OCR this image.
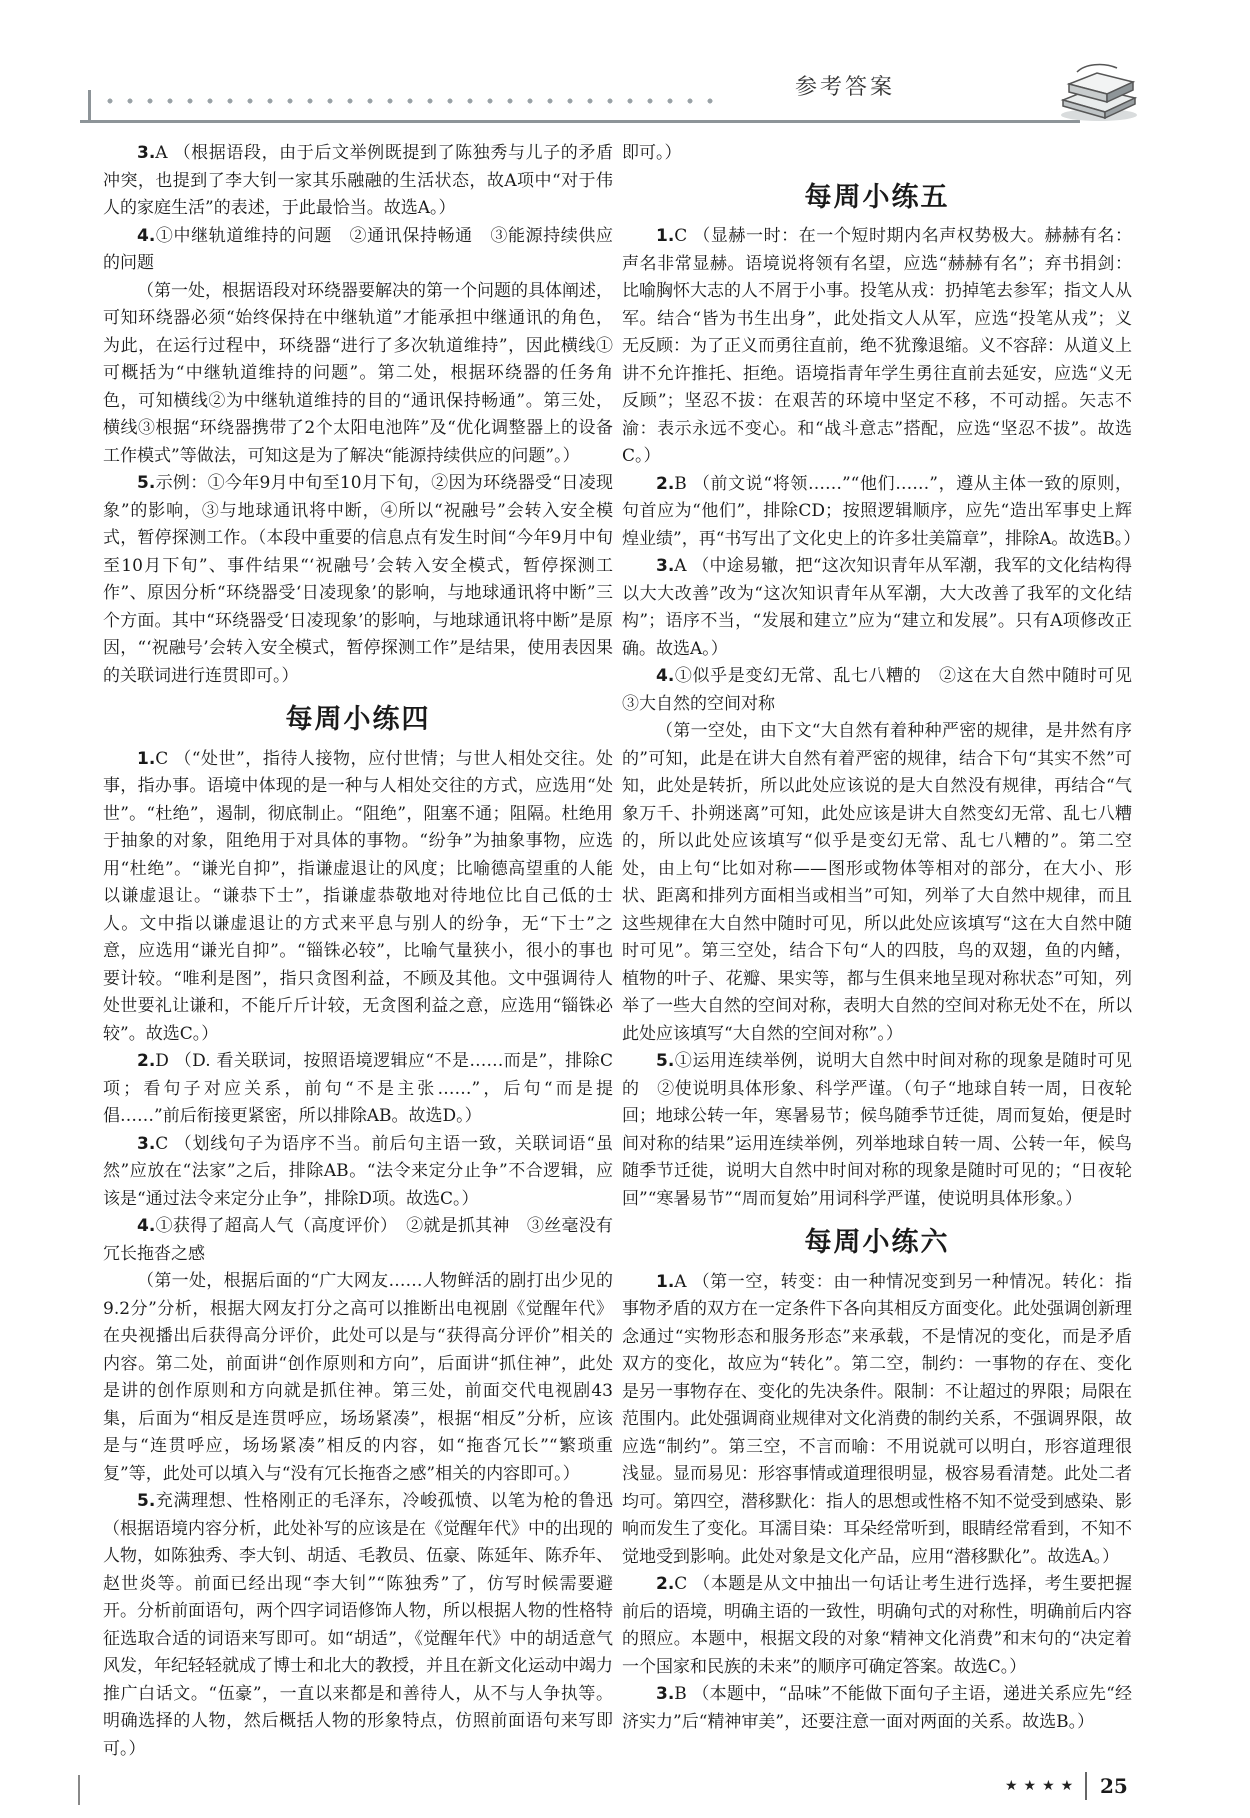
参考答案

3.A （根据语段，由于后文举例既提到了陈独秀与儿子的矛盾冲突，也提到了李大钊一家其乐融融的生活状态，故A项中“对于伟人的家庭生活”的表述，于此最恰当。故选A。）

4.①中继轨道维持的问题　②通讯保持畅通　③能源持续供应的问题

（第一处，根据语段对环绕器要解决的第一个问题的具体阐述，可知环绕器必须“始终保持在中继轨道”才能承担中继通讯的角色，为此，在运行过程中，环绕器“进行了多次轨道维持”，因此横线①可概括为“中继轨道维持的问题”。第二处，根据环绕器的任务角色，可知横线②为中继轨道维持的目的“通讯保持畅通”。第三处，横线③根据“环绕器携带了2个太阳电池阵”及“优化调整器上的设备工作模式”等做法，可知这是为了解决“能源持续供应的问题”。）

5.示例：①今年9月中旬至10月下旬，②因为环绕器受“日凌现象”的影响，③与地球通讯将中断，④所以“祝融号”会转入安全模式，暂停探测工作。（本段中重要的信息点有发生时间“今年9月中旬至10月下旬”、事件结果“‘祝融号’会转入安全模式，暂停探测工作”、原因分析“环绕器受‘日凌现象’的影响，与地球通讯将中断”三个方面。其中“环绕器受‘日凌现象’的影响，与地球通讯将中断”是原因，“‘祝融号’会转入安全模式，暂停探测工作”是结果，使用表因果的关联词进行连贯即可。）

每周小练四

1.C （“处世”，指待人接物，应付世情；与世人相处交往。处事，指办事。语境中体现的是一种与人相处交往的方式，应选用“处世”。“杜绝”，遏制，彻底制止。“阻绝”，阻塞不通；阻隔。杜绝用于抽象的对象，阻绝用于对具体的事物。“纷争”为抽象事物，应选用“杜绝”。“谦光自抑”，指谦虚退让的风度；比喻德高望重的人能以谦虚退让。“谦恭下士”，指谦虚恭敬地对待地位比自己低的士人。文中指以谦虚退让的方式来平息与别人的纷争，无“下士”之意，应选用“谦光自抑”。“锱铢必较”，比喻气量狭小，很小的事也要计较。“唯利是图”，指只贪图利益，不顾及其他。文中强调待人处世要礼让谦和，不能斤斤计较，无贪图利益之意，应选用“锱铢必较”。故选C。）

2.D （D. 看关联词，按照语境逻辑应“不是……而是”，排除C项；看句子对应关系，前句“不是主张……”，后句“而是提倡……”前后衔接更紧密，所以排除AB。故选D。）

3.C （划线句子为语序不当。前后句主语一致，关联词语“虽然”应放在“法家”之后，排除AB。“法令来定分止争”不合逻辑，应该是“通过法令来定分止争”，排除D项。故选C。）

4.①获得了超高人气（高度评价）　②就是抓其神　③丝毫没有冗长拖沓之感

（第一处，根据后面的“广大网友……人物鲜活的剧打出少见的9.2分”分析，根据大网友打分之高可以推断出电视剧《觉醒年代》在央视播出后获得高分评价，此处可以是与“获得高分评价”相关的内容。第二处，前面讲“创作原则和方向”，后面讲“抓住神”，此处是讲的创作原则和方向就是抓住神。第三处，前面交代电视剧43集，后面为“相反是连贯呼应，场场紧凑”，根据“相反”分析，应该是与“连贯呼应，场场紧凑”相反的内容，如“拖沓冗长”“繁琐重复”等，此处可以填入与“没有冗长拖沓之感”相关的内容即可。）

5.充满理想、性格刚正的毛泽东，冷峻孤愤、以笔为枪的鲁迅（根据语境内容分析，此处补写的应该是在《觉醒年代》中的出现的人物，如陈独秀、李大钊、胡适、毛教员、伍豪、陈延年、陈乔年、赵世炎等。前面已经出现“李大钊”“陈独秀”了，仿写时候需要避开。分析前面语句，两个四字词语修饰人物，所以根据人物的性格特征选取合适的词语来写即可。如“胡适”，《觉醒年代》中的胡适意气风发，年纪轻轻就成了博士和北大的教授，并且在新文化运动中竭力推广白话文。“伍豪”，一直以来都是和善待人，从不与人争执等。明确选择的人物，然后概括人物的形象特点，仿照前面语句来写即可。）

即可。）

每周小练五

1.C （显赫一时：在一个短时期内名声权势极大。赫赫有名：声名非常显赫。语境说将领有名望，应选“赫赫有名”；弃书捐剑：比喻胸怀大志的人不屑于小事。投笔从戎：扔掉笔去参军；指文人从军。结合“皆为书生出身”，此处指文人从军，应选“投笔从戎”；义无反顾：为了正义而勇往直前，绝不犹豫退缩。义不容辞：从道义上讲不允许推托、拒绝。语境指青年学生勇往直前去延安，应选“义无反顾”；坚忍不拔：在艰苦的环境中坚定不移，不可动摇。矢志不渝：表示永远不变心。和“战斗意志”搭配，应选“坚忍不拔”。故选C。）

2.B （前文说“将领……”“他们……”，遵从主体一致的原则，句首应为“他们”，排除CD；按照逻辑顺序，应先“造出军事史上辉煌业绩”，再“书写出了文化史上的许多壮美篇章”，排除A。故选B。）

3.A （中途易辙，把“这次知识青年从军潮，我军的文化结构得以大大改善”改为“这次知识青年从军潮，大大改善了我军的文化结构”；语序不当，“发展和建立”应为“建立和发展”。只有A项修改正确。故选A。）

4.①似乎是变幻无常、乱七八糟的　②这在大自然中随时可见　③大自然的空间对称

（第一空处，由下文“大自然有着种种严密的规律，是井然有序的”可知，此是在讲大自然有着严密的规律，结合下句“其实不然”可知，此处是转折，所以此处应该说的是大自然没有规律，再结合“气象万千、扑朔迷离”可知，此处应该是讲大自然变幻无常、乱七八糟的，所以此处应该填写“似乎是变幻无常、乱七八糟的”。第二空处，由上句“比如对称——图形或物体等相对的部分，在大小、形状、距离和排列方面相当或相当”可知，列举了大自然中规律，而且这些规律在大自然中随时可见，所以此处应该填写“这在大自然中随时可见”。第三空处，结合下句“人的四肢，鸟的双翅，鱼的内鳍，植物的叶子、花瓣、果实等，都与生俱来地呈现对称状态”可知，列举了一些大自然的空间对称，表明大自然的空间对称无处不在，所以此处应该填写“大自然的空间对称”。）

5.①运用连续举例，说明大自然中时间对称的现象是随时可见的　②使说明具体形象、科学严谨。（句子“地球自转一周，日夜轮回；地球公转一年，寒暑易节；候鸟随季节迁徙，周而复始，便是时间对称的结果”运用连续举例，列举地球自转一周、公转一年，候鸟随季节迁徙，说明大自然中时间对称的现象是随时可见的；“日夜轮回”“寒暑易节”“周而复始”用词科学严谨，使说明具体形象。）

每周小练六

1.A （第一空，转变：由一种情况变到另一种情况。转化：指事物矛盾的双方在一定条件下各向其相反方面变化。此处强调创新理念通过“实物形态和服务形态”来承载，不是情况的变化，而是矛盾双方的变化，故应为“转化”。第二空，制约：一事物的存在、变化是另一事物存在、变化的先决条件。限制：不让超过的界限；局限在范围内。此处强调商业规律对文化消费的制约关系，不强调界限，故应选“制约”。第三空，不言而喻：不用说就可以明白，形容道理很浅显。显而易见：形容事情或道理很明显，极容易看清楚。此处二者均可。第四空，潜移默化：指人的思想或性格不知不觉受到感染、影响而发生了变化。耳濡目染：耳朵经常听到，眼睛经常看到，不知不觉地受到影响。此处对象是文化产品，应用“潜移默化”。故选A。）

2.C （本题是从文中抽出一句话让考生进行选择，考生要把握前后的语境，明确主语的一致性，明确句式的对称性，明确前后内容的照应。本题中，根据文段的对象“精神文化消费”和末句的“决定着一个国家和民族的未来”的顺序可确定答案。故选C。）

3.B （本题中，“品味”不能做下面句子主语，递进关系应先“经济实力”后“精神审美”，还要注意一面对两面的关系。故选B。）

★★★★ 25
